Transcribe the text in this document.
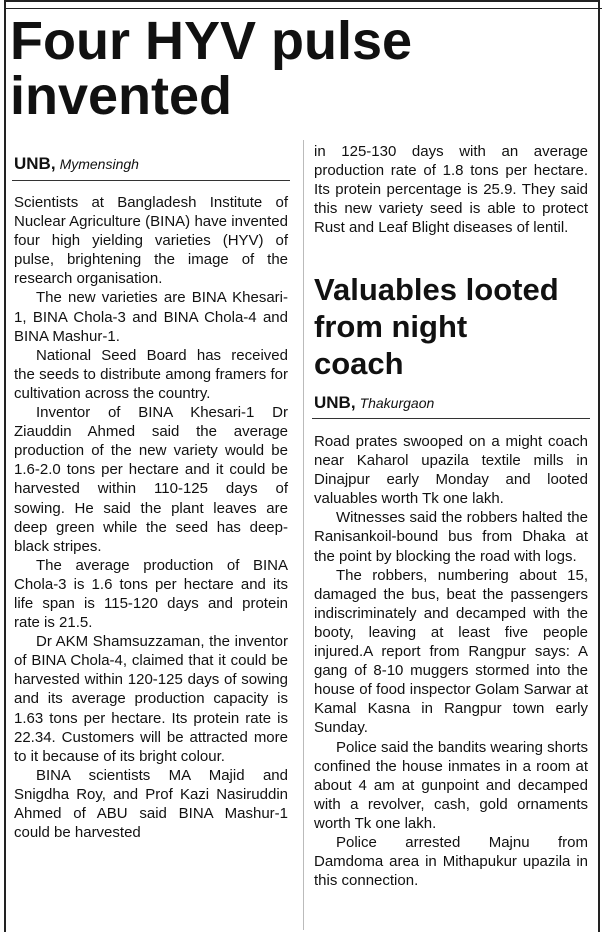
Four HYV pulse
invented
UNB, Mymensingh

Scientists at Bangladesh Institute of Nuclear Agriculture (BINA) have invented four high yielding varieties (HYV) of pulse, brightening the image of the research organisation.

The new varieties are BINA Khesari-1, BINA Chola-3 and BINA Chola-4 and BINA Mashur-1.

National Seed Board has received the seeds to distribute among framers for cultivation across the country.

Inventor of BINA Khesari-1 Dr Ziauddin Ahmed said the average production of the new variety would be 1.6-2.0 tons per hectare and it could be harvested within 110-125 days of sowing. He said the plant leaves are deep green while the seed has deep-black stripes.

The average production of BINA Chola-3 is 1.6 tons per hectare and its life span is 115-120 days and protein rate is 21.5.

Dr AKM Shamsuzzaman, the inventor of BINA Chola-4, claimed that it could be harvested within 120-125 days of sowing and its average production capacity is 1.63 tons per hectare. Its protein rate is 22.34. Customers will be attracted more to it because of its bright colour.

BINA scientists MA Majid and Snigdha Roy, and Prof Kazi Nasiruddin Ahmed of ABU said BINA Mashur-1 could be harvested

in 125-130 days with an average production rate of 1.8 tons per hectare. Its protein percentage is 25.9. They said this new variety seed is able to protect Rust and Leaf Blight diseases of lentil.

Valuables looted
from night
coach
UNB, Thakurgaon

Road prates swooped on a might coach near Kaharol upazila textile mills in Dinajpur early Monday and looted valuables worth Tk one lakh.

Witnesses said the robbers halted the Ranisankoil-bound bus from Dhaka at the point by blocking the road with logs.

The robbers, numbering about 15, damaged the bus, beat the passengers indiscriminately and decamped with the booty, leaving at least five people injured.A report from Rangpur says: A gang of 8-10 muggers stormed into the house of food inspector Golam Sarwar at Kamal Kasna in Rangpur town early Sunday.

Police said the bandits wearing shorts confined the house inmates in a room at about 4 am at gunpoint and decamped with a revolver, cash, gold ornaments worth Tk one lakh.

Police arrested Majnu from Damdoma area in Mithapukur upazila in this connection.
